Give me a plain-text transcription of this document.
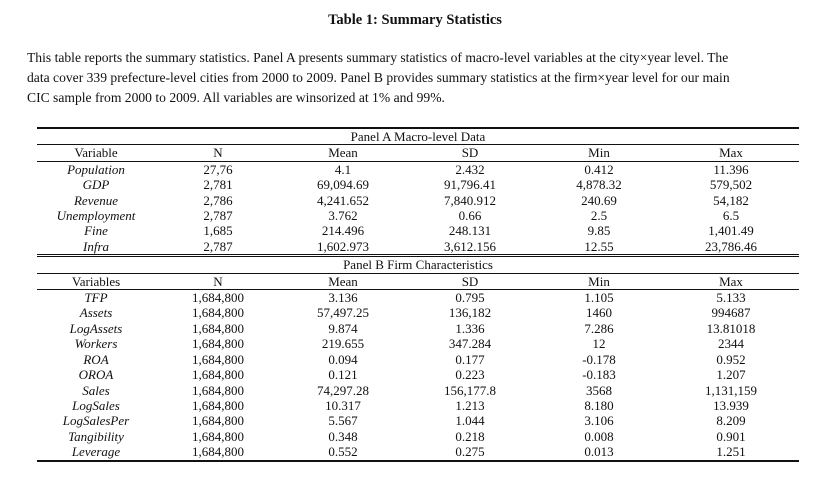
Table 1: Summary Statistics
This table reports the summary statistics. Panel A presents summary statistics of macro-level variables at the city×year level. The
data cover 339 prefecture-level cities from 2000 to 2009. Panel B provides summary statistics at the firm×year level for our main
CIC sample from 2000 to 2009. All variables are winsorized at 1% and 99%.

Panel A Macro-level Data					
Variable	N	Mean	SD	Min	Max
Population	27,76	4.1	2.432	0.412	11.396
GDP	2,781	69,094.69	91,796.41	4,878.32	579,502
Revenue	2,786	4,241.652	7,840.912	240.69	54,182
Unemployment	2,787	3.762	0.66	2.5	6.5
Fine	1,685	214.496	248.131	9.85	1,401.49
Infra	2,787	1,602.973	3,612.156	12.55	23,786.46
Panel B Firm Characteristics					
Variables	N	Mean	SD	Min	Max
TFP	1,684,800	3.136	0.795	1.105	5.133
Assets	1,684,800	57,497.25	136,182	1460	994687
LogAssets	1,684,800	9.874	1.336	7.286	13.81018
Workers	1,684,800	219.655	347.284	12	2344
ROA	1,684,800	0.094	0.177	-0.178	0.952
OROA	1,684,800	0.121	0.223	-0.183	1.207
Sales	1,684,800	74,297.28	156,177.8	3568	1,131,159
LogSales	1,684,800	10.317	1.213	8.180	13.939
LogSalesPer	1,684,800	5.567	1.044	3.106	8.209
Tangibility	1,684,800	0.348	0.218	0.008	0.901
Leverage	1,684,800	0.552	0.275	0.013	1.251
